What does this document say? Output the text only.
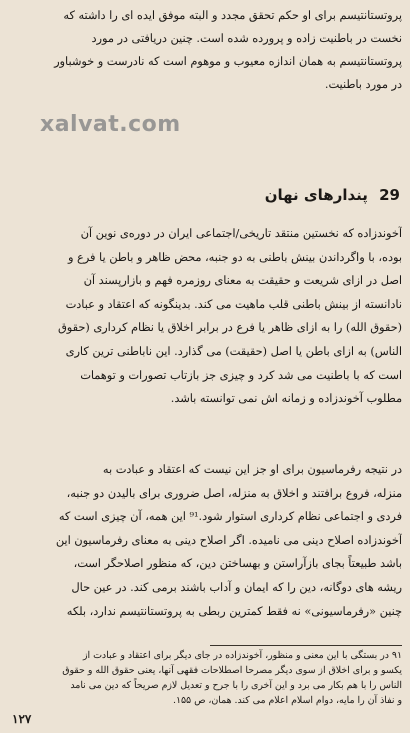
پروتستانتیسم برای او حکم تحقق مجدد و البته موفق ایده ای را داشته که
نخست در باطنیت زاده و پرورده شده است. چنین دریافتی در مورد
پروتستانتیسم به همان اندازه معیوب و موهوم است که نادرست و خوشباور
در مورد باطنیت.
xalvat.com
29 پندارهای نهان
آخوندزاده که نخستین منتقد تاریخی/اجتماعی ایران در دوره‌ی نوین آن
بوده، با واگرداندن بینش باطنی به دو جنبه، محض ظاهر و باطن یا فرع و
اصل در ازای شریعت و حقیقت به معنای روزمره فهم و بازارپسند آن
نادانسته از بینش باطنی قلب ماهیت می کند. بدینگونه که اعتقاد و عبادت
(حقوق الله) را به ازای ظاهر یا فرع در برابر اخلاق یا نظام کرداری (حقوق
الناس) به ازای باطن یا اصل (حقیقت) می گذارد. این ناباطنی ترین کاری
است که با باطنیت می شد کرد و چیزی جز بازتاب تصورات و توهمات
مطلوب آخوندزاده و زمانه اش نمی توانسته باشد.
در نتیجه رفرماسیون برای او جز این نیست که اعتقاد و عبادت به
منزله، فروع برافتند و اخلاق به منزله، اصل ضروری برای بالیدن دو جنبه،
فردی و اجتماعی نظام کرداری استوار شود.⁹¹ این همه، آن چیزی است که
آخوندزاده اصلاح دینی می نامیده. اگر اصلاح دینی به معنای رفرماسیون این
باشد طبیعتاً بجای بازآراستن و بهساختن دین، که منظور اصلاحگر است،
ریشه های دوگانه، دین را که ایمان و آداب باشند برمی کند. در عین حال
چنین «رفرماسیونی» نه فقط کمترین ربطی به پروتستانتیسم ندارد، بلکه
۹۱ در بستگی با این معنی و منظور، آخوندزاده در جای دیگر برای اعتقاد و عبادت از
یکسو و برای اخلاق از سوی دیگر مصرحا اصطلاحات فقهی آنها، یعنی حقوق الله و حقوق
الناس را با هم بکار می برد و این آخری را با جرح و تعدیل لازم صریحاً که دین می نامد
و نفاذ آن را مایه، دوام اسلام اعلام می کند. همان، ص ۱۵۵.
۱۲۷
